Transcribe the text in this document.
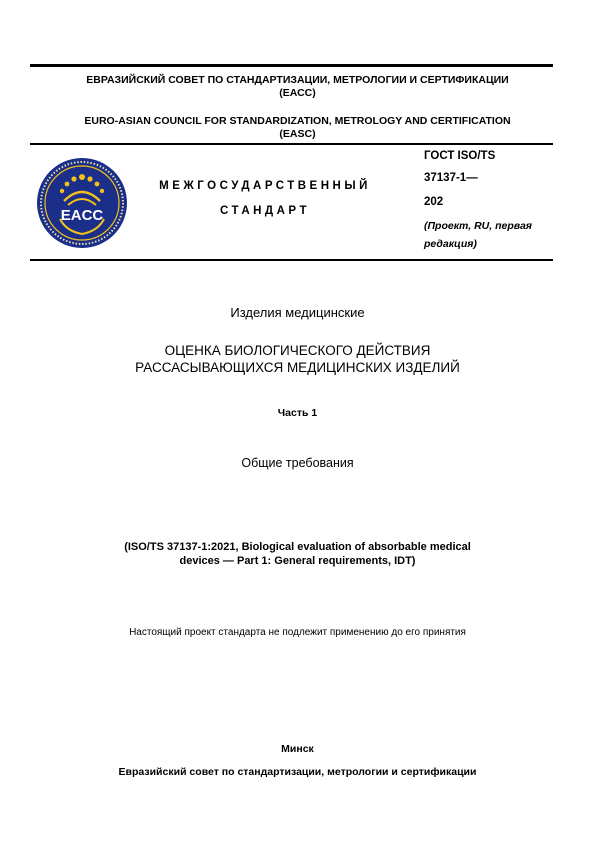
ЕВРАЗИЙСКИЙ СОВЕТ ПО СТАНДАРТИЗАЦИИ, МЕТРОЛОГИИ И СЕРТИФИКАЦИИ
(ЕАСС)
EURO-ASIAN COUNCIL FOR STANDARDIZATION, METROLOGY AND CERTIFICATION
(EASC)
EACC
МЕЖГОСУДАРСТВЕННЫЙ
СТАНДАРТ
ГОСТ ISO/TS
37137-1—
202
(Проект, RU, первая
редакция)
Изделия медицинские
ОЦЕНКА БИОЛОГИЧЕСКОГО ДЕЙСТВИЯ
РАССАСЫВАЮЩИХСЯ МЕДИЦИНСКИХ ИЗДЕЛИЙ
Часть 1
Общие требования
(ISO/TS 37137-1:2021, Biological evaluation of absorbable medical
devices — Part 1: General requirements, IDT)
Настоящий проект стандарта не подлежит применению до его принятия
Минск
Евразийский совет по стандартизации, метрологии и сертификации
